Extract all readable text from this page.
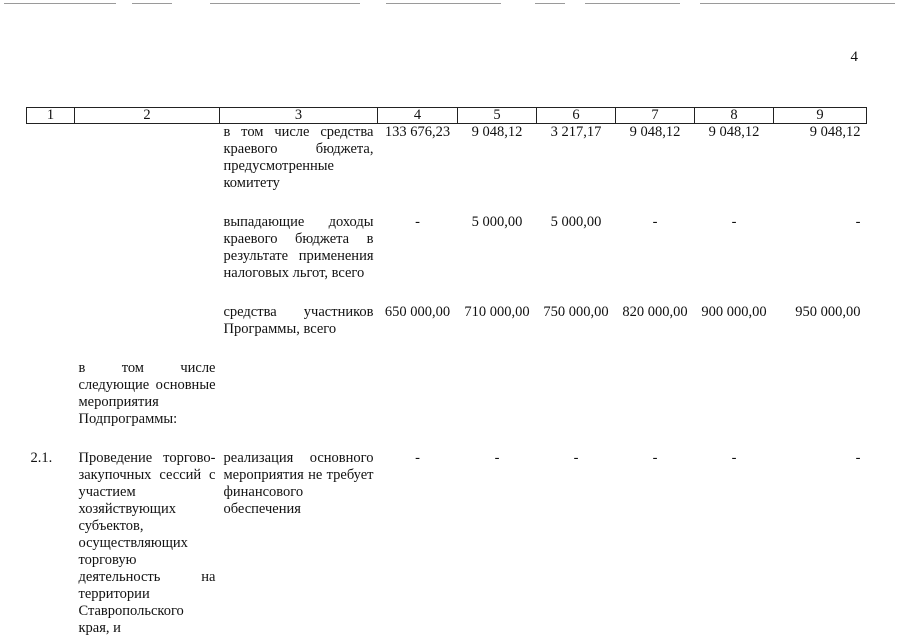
4
1	2	3	4	5	6	7	8	9
		в том числе средства краевого бюджета, предусмотренные комитету	133 676,23	9 048,12	3 217,17	9 048,12	9 048,12	9 048,12

		выпадающие доходы краевого бюджета в результате применения налоговых льгот, всего	-	5 000,00	5 000,00	-	-	-

		средства участников Программы, всего	650 000,00	710 000,00	750 000,00	820 000,00	900 000,00	950 000,00

	в том числе следующие основные мероприятия Подпрограммы:							

2.1.	Проведение торгово-закупочных сессий с участием хозяйствующих субъектов, осуществляющих торговую деятельность на территории Ставропольского края, и	реализация основного мероприятия не требует финансового обеспечения	-	-	-	-	-	-
